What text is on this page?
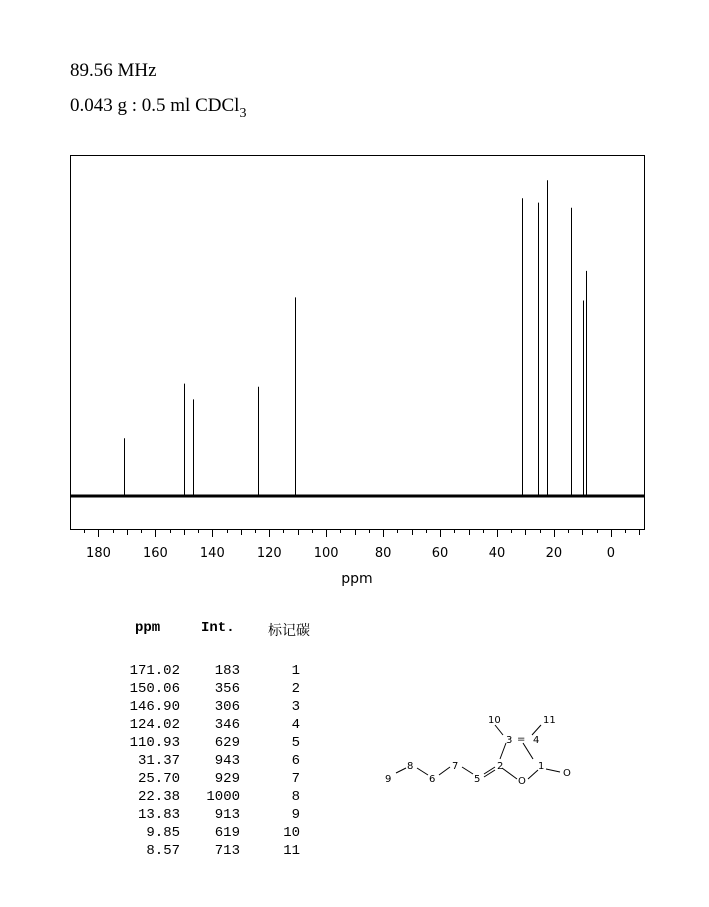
89.56 MHz
0.043 g : 0.5 ml CDCl$_3$
180 160 140 120 100	80	60	40	20	0
ppm
ppm	Int. 标记碳
171.02	183	1
150.06	356	2
146.90	306	3
124.02	346	4
110.93	629	5
31.37	943	6
25.70	929	7
22.38	1000	8
13.83	913	9
9.85	619	10
8.57	713	11
9
8
6
7
5
2
3 = 4
1
O
O
10	11
